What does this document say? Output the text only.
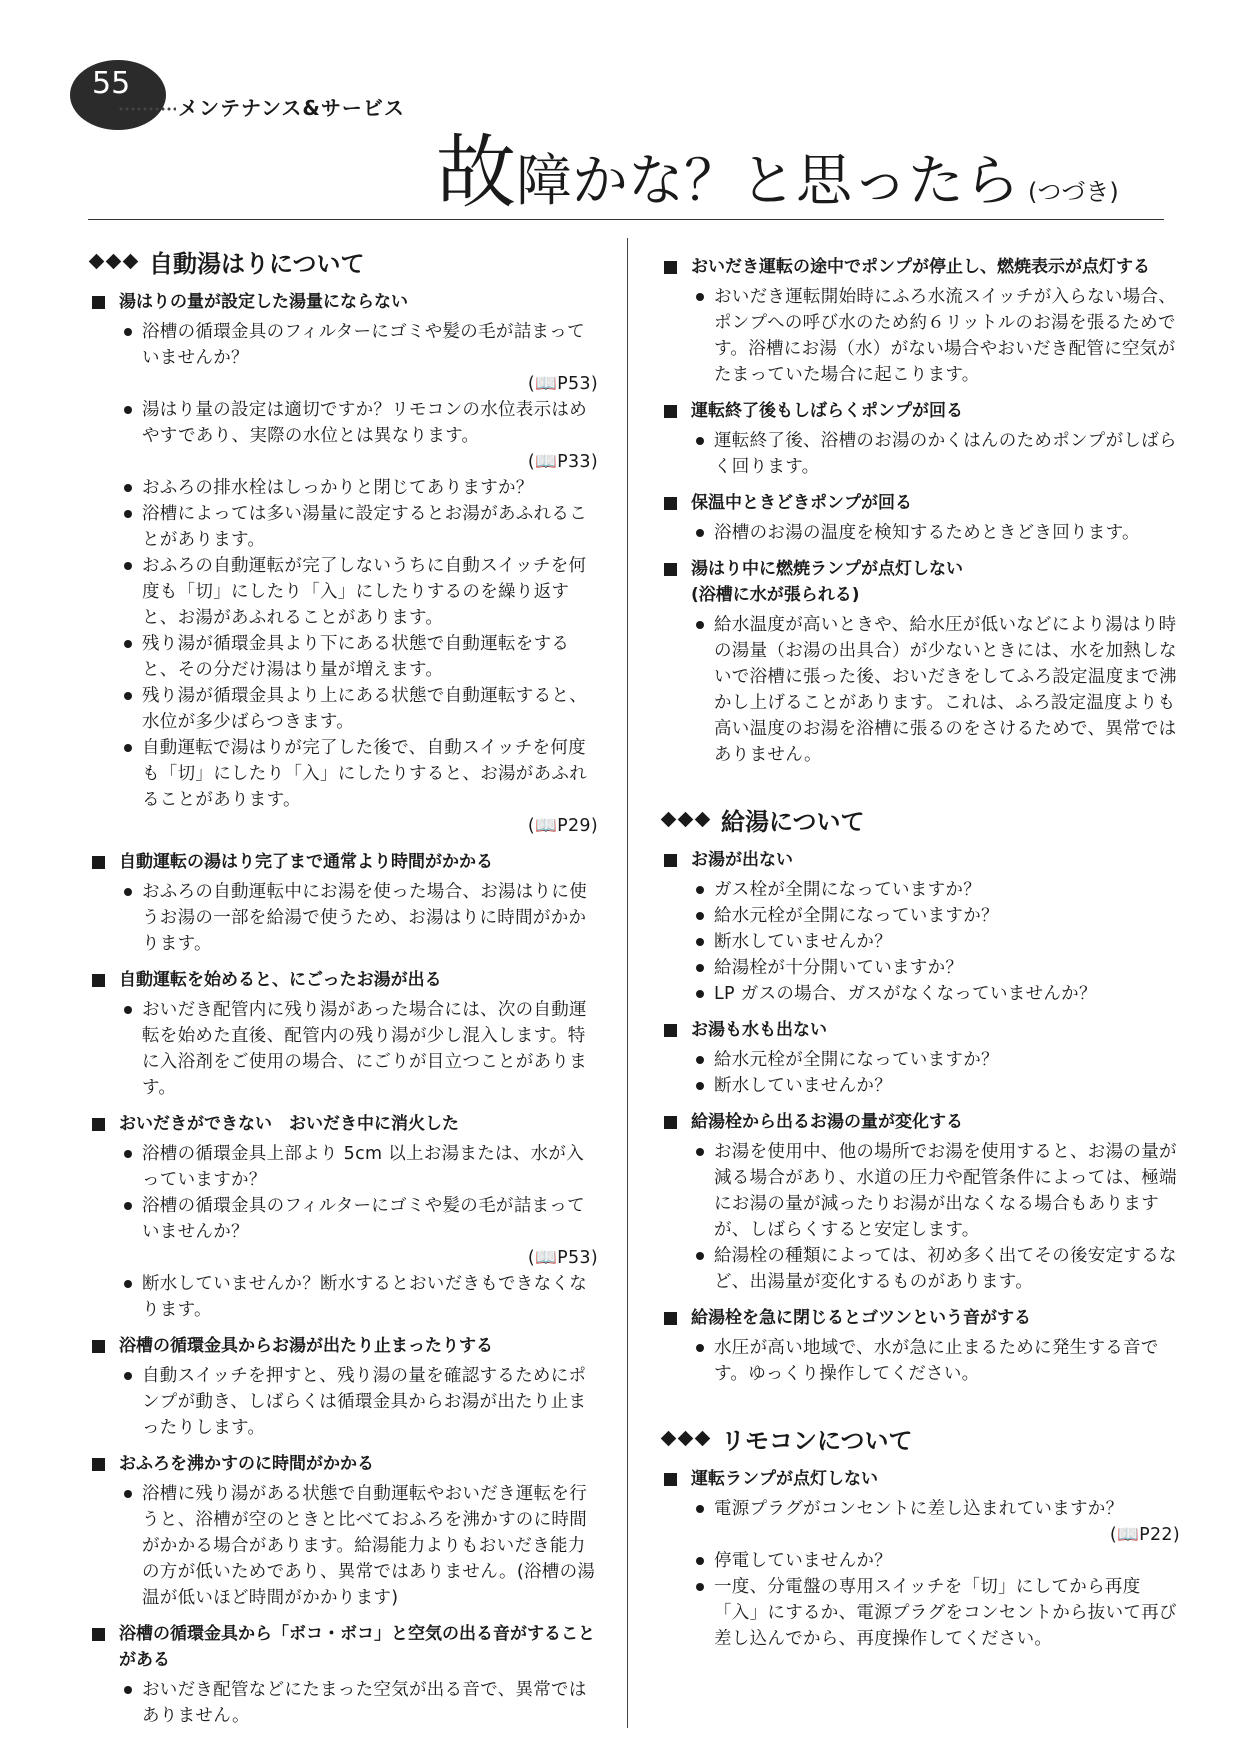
55
メンテナンス&サービス
故障かな？と思ったら (つづき)
自動湯はりについて
湯はりの量が設定した湯量にならない
浴槽の循環金具のフィルターにゴミや髪の毛が詰まっていませんか？
(📖P53)
湯はり量の設定は適切ですか？リモコンの水位表示はめやすであり、実際の水位とは異なります。
(📖P33)
おふろの排水栓はしっかりと閉じてありますか？
浴槽によっては多い湯量に設定するとお湯があふれることがあります。
おふろの自動運転が完了しないうちに自動スイッチを何度も「切」にしたり「入」にしたりするのを繰り返すと、お湯があふれることがあります。
残り湯が循環金具より下にある状態で自動運転をすると、その分だけ湯はり量が増えます。
残り湯が循環金具より上にある状態で自動運転すると、水位が多少ばらつきます。
自動運転で湯はりが完了した後で、自動スイッチを何度も「切」にしたり「入」にしたりすると、お湯があふれることがあります。
(📖P29)
自動運転の湯はり完了まで通常より時間がかかる
おふろの自動運転中にお湯を使った場合、お湯はりに使うお湯の一部を給湯で使うため、お湯はりに時間がかかります。
自動運転を始めると、にごったお湯が出る
おいだき配管内に残り湯があった場合には、次の自動運転を始めた直後、配管内の残り湯が少し混入します。特に入浴剤をご使用の場合、にごりが目立つことがあります。
おいだきができない　おいだき中に消火した
浴槽の循環金具上部より 5cm 以上お湯または、水が入っていますか？
浴槽の循環金具のフィルターにゴミや髪の毛が詰まっていませんか？
(📖P53)
断水していませんか？断水するとおいだきもできなくなります。
浴槽の循環金具からお湯が出たり止まったりする
自動スイッチを押すと、残り湯の量を確認するためにポンプが動き、しばらくは循環金具からお湯が出たり止まったりします。
おふろを沸かすのに時間がかかる
浴槽に残り湯がある状態で自動運転やおいだき運転を行うと、浴槽が空のときと比べておふろを沸かすのに時間がかかる場合があります。給湯能力よりもおいだき能力の方が低いためであり、異常ではありません。(浴槽の湯温が低いほど時間がかかります)
浴槽の循環金具から「ボコ・ボコ」と空気の出る音がすることがある
おいだき配管などにたまった空気が出る音で、異常ではありません。
おいだき運転の途中でポンプが停止し、燃焼表示が点灯する
おいだき運転開始時にふろ水流スイッチが入らない場合、ポンプへの呼び水のため約６リットルのお湯を張るためです。浴槽にお湯（水）がない場合やおいだき配管に空気がたまっていた場合に起こります。
運転終了後もしばらくポンプが回る
運転終了後、浴槽のお湯のかくはんのためポンプがしばらく回ります。
保温中ときどきポンプが回る
浴槽のお湯の温度を検知するためときどき回ります。
湯はり中に燃焼ランプが点灯しない
(浴槽に水が張られる)
給水温度が高いときや、給水圧が低いなどにより湯はり時の湯量（お湯の出具合）が少ないときには、水を加熱しないで浴槽に張った後、おいだきをしてふろ設定温度まで沸かし上げることがあります。これは、ふろ設定温度よりも高い温度のお湯を浴槽に張るのをさけるためで、異常ではありません。
給湯について
お湯が出ない
ガス栓が全開になっていますか？
給水元栓が全開になっていますか？
断水していませんか？
給湯栓が十分開いていますか？
LP ガスの場合、ガスがなくなっていませんか？
お湯も水も出ない
給水元栓が全開になっていますか？
断水していませんか？
給湯栓から出るお湯の量が変化する
お湯を使用中、他の場所でお湯を使用すると、お湯の量が減る場合があり、水道の圧力や配管条件によっては、極端にお湯の量が減ったりお湯が出なくなる場合もありますが、しばらくすると安定します。
給湯栓の種類によっては、初め多く出てその後安定するなど、出湯量が変化するものがあります。
給湯栓を急に閉じるとゴツンという音がする
水圧が高い地域で、水が急に止まるために発生する音です。ゆっくり操作してください。
リモコンについて
運転ランプが点灯しない
電源プラグがコンセントに差し込まれていますか？
(📖P22)
停電していませんか？
一度、分電盤の専用スイッチを「切」にしてから再度「入」にするか、電源プラグをコンセントから抜いて再び差し込んでから、再度操作してください。
